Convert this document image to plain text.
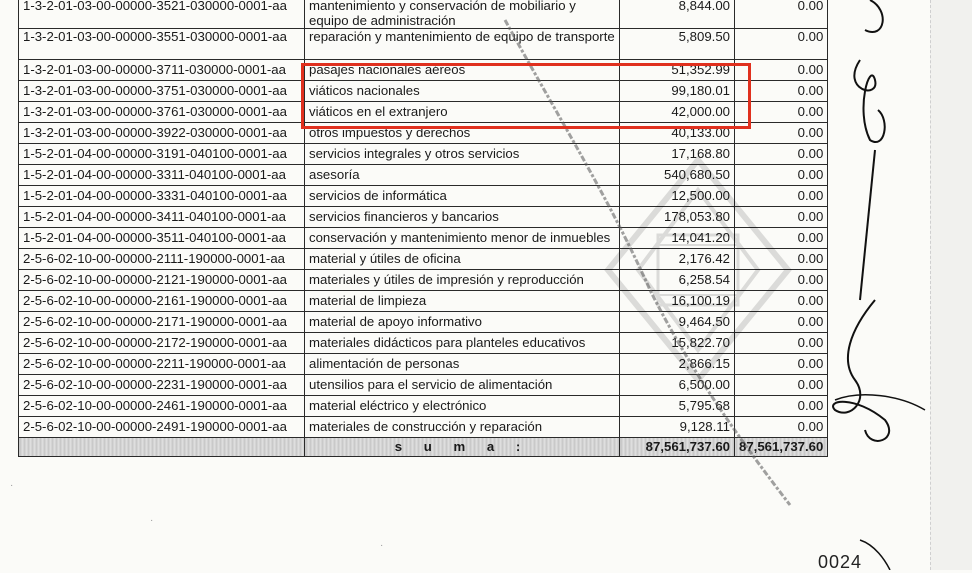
1-3-2-01-03-00-00000-3521-030000-0001-aa	mantenimiento y conservación de mobiliario y equipo de administración	8,844.00	0.00
1-3-2-01-03-00-00000-3551-030000-0001-aa	reparación y mantenimiento de equipo de transporte	5,809.50	0.00
1-3-2-01-03-00-00000-3711-030000-0001-aa	pasajes nacionales aéreos	51,352.99	0.00
1-3-2-01-03-00-00000-3751-030000-0001-aa	viáticos nacionales	99,180.01	0.00
1-3-2-01-03-00-00000-3761-030000-0001-aa	viáticos en el extranjero	42,000.00	0.00
1-3-2-01-03-00-00000-3922-030000-0001-aa	otros impuestos y derechos	40,133.00	0.00
1-5-2-01-04-00-00000-3191-040100-0001-aa	servicios integrales y otros servicios	17,168.80	0.00
1-5-2-01-04-00-00000-3311-040100-0001-aa	asesoría	540,680.50	0.00
1-5-2-01-04-00-00000-3331-040100-0001-aa	servicios de informática	12,500.00	0.00
1-5-2-01-04-00-00000-3411-040100-0001-aa	servicios financieros y bancarios	178,053.80	0.00
1-5-2-01-04-00-00000-3511-040100-0001-aa	conservación y mantenimiento menor de inmuebles	14,041.20	0.00
2-5-6-02-10-00-00000-2111-190000-0001-aa	material y útiles de oficina	2,176.42	0.00
2-5-6-02-10-00-00000-2121-190000-0001-aa	materiales y útiles de impresión y reproducción	6,258.54	0.00
2-5-6-02-10-00-00000-2161-190000-0001-aa	material de limpieza	16,100.19	0.00
2-5-6-02-10-00-00000-2171-190000-0001-aa	material de apoyo informativo	9,464.50	0.00
2-5-6-02-10-00-00000-2172-190000-0001-aa	materiales didácticos para planteles educativos	15,822.70	0.00
2-5-6-02-10-00-00000-2211-190000-0001-aa	alimentación de personas	2,866.15	0.00
2-5-6-02-10-00-00000-2231-190000-0001-aa	utensilios para el servicio de alimentación	6,500.00	0.00
2-5-6-02-10-00-00000-2461-190000-0001-aa	material eléctrico y electrónico	5,795.68	0.00
2-5-6-02-10-00-00000-2491-190000-0001-aa	materiales de construcción y reparación	9,128.11	0.00
	s u m a :	87,561,737.60	87,561,737.60
0024
·
·
·
